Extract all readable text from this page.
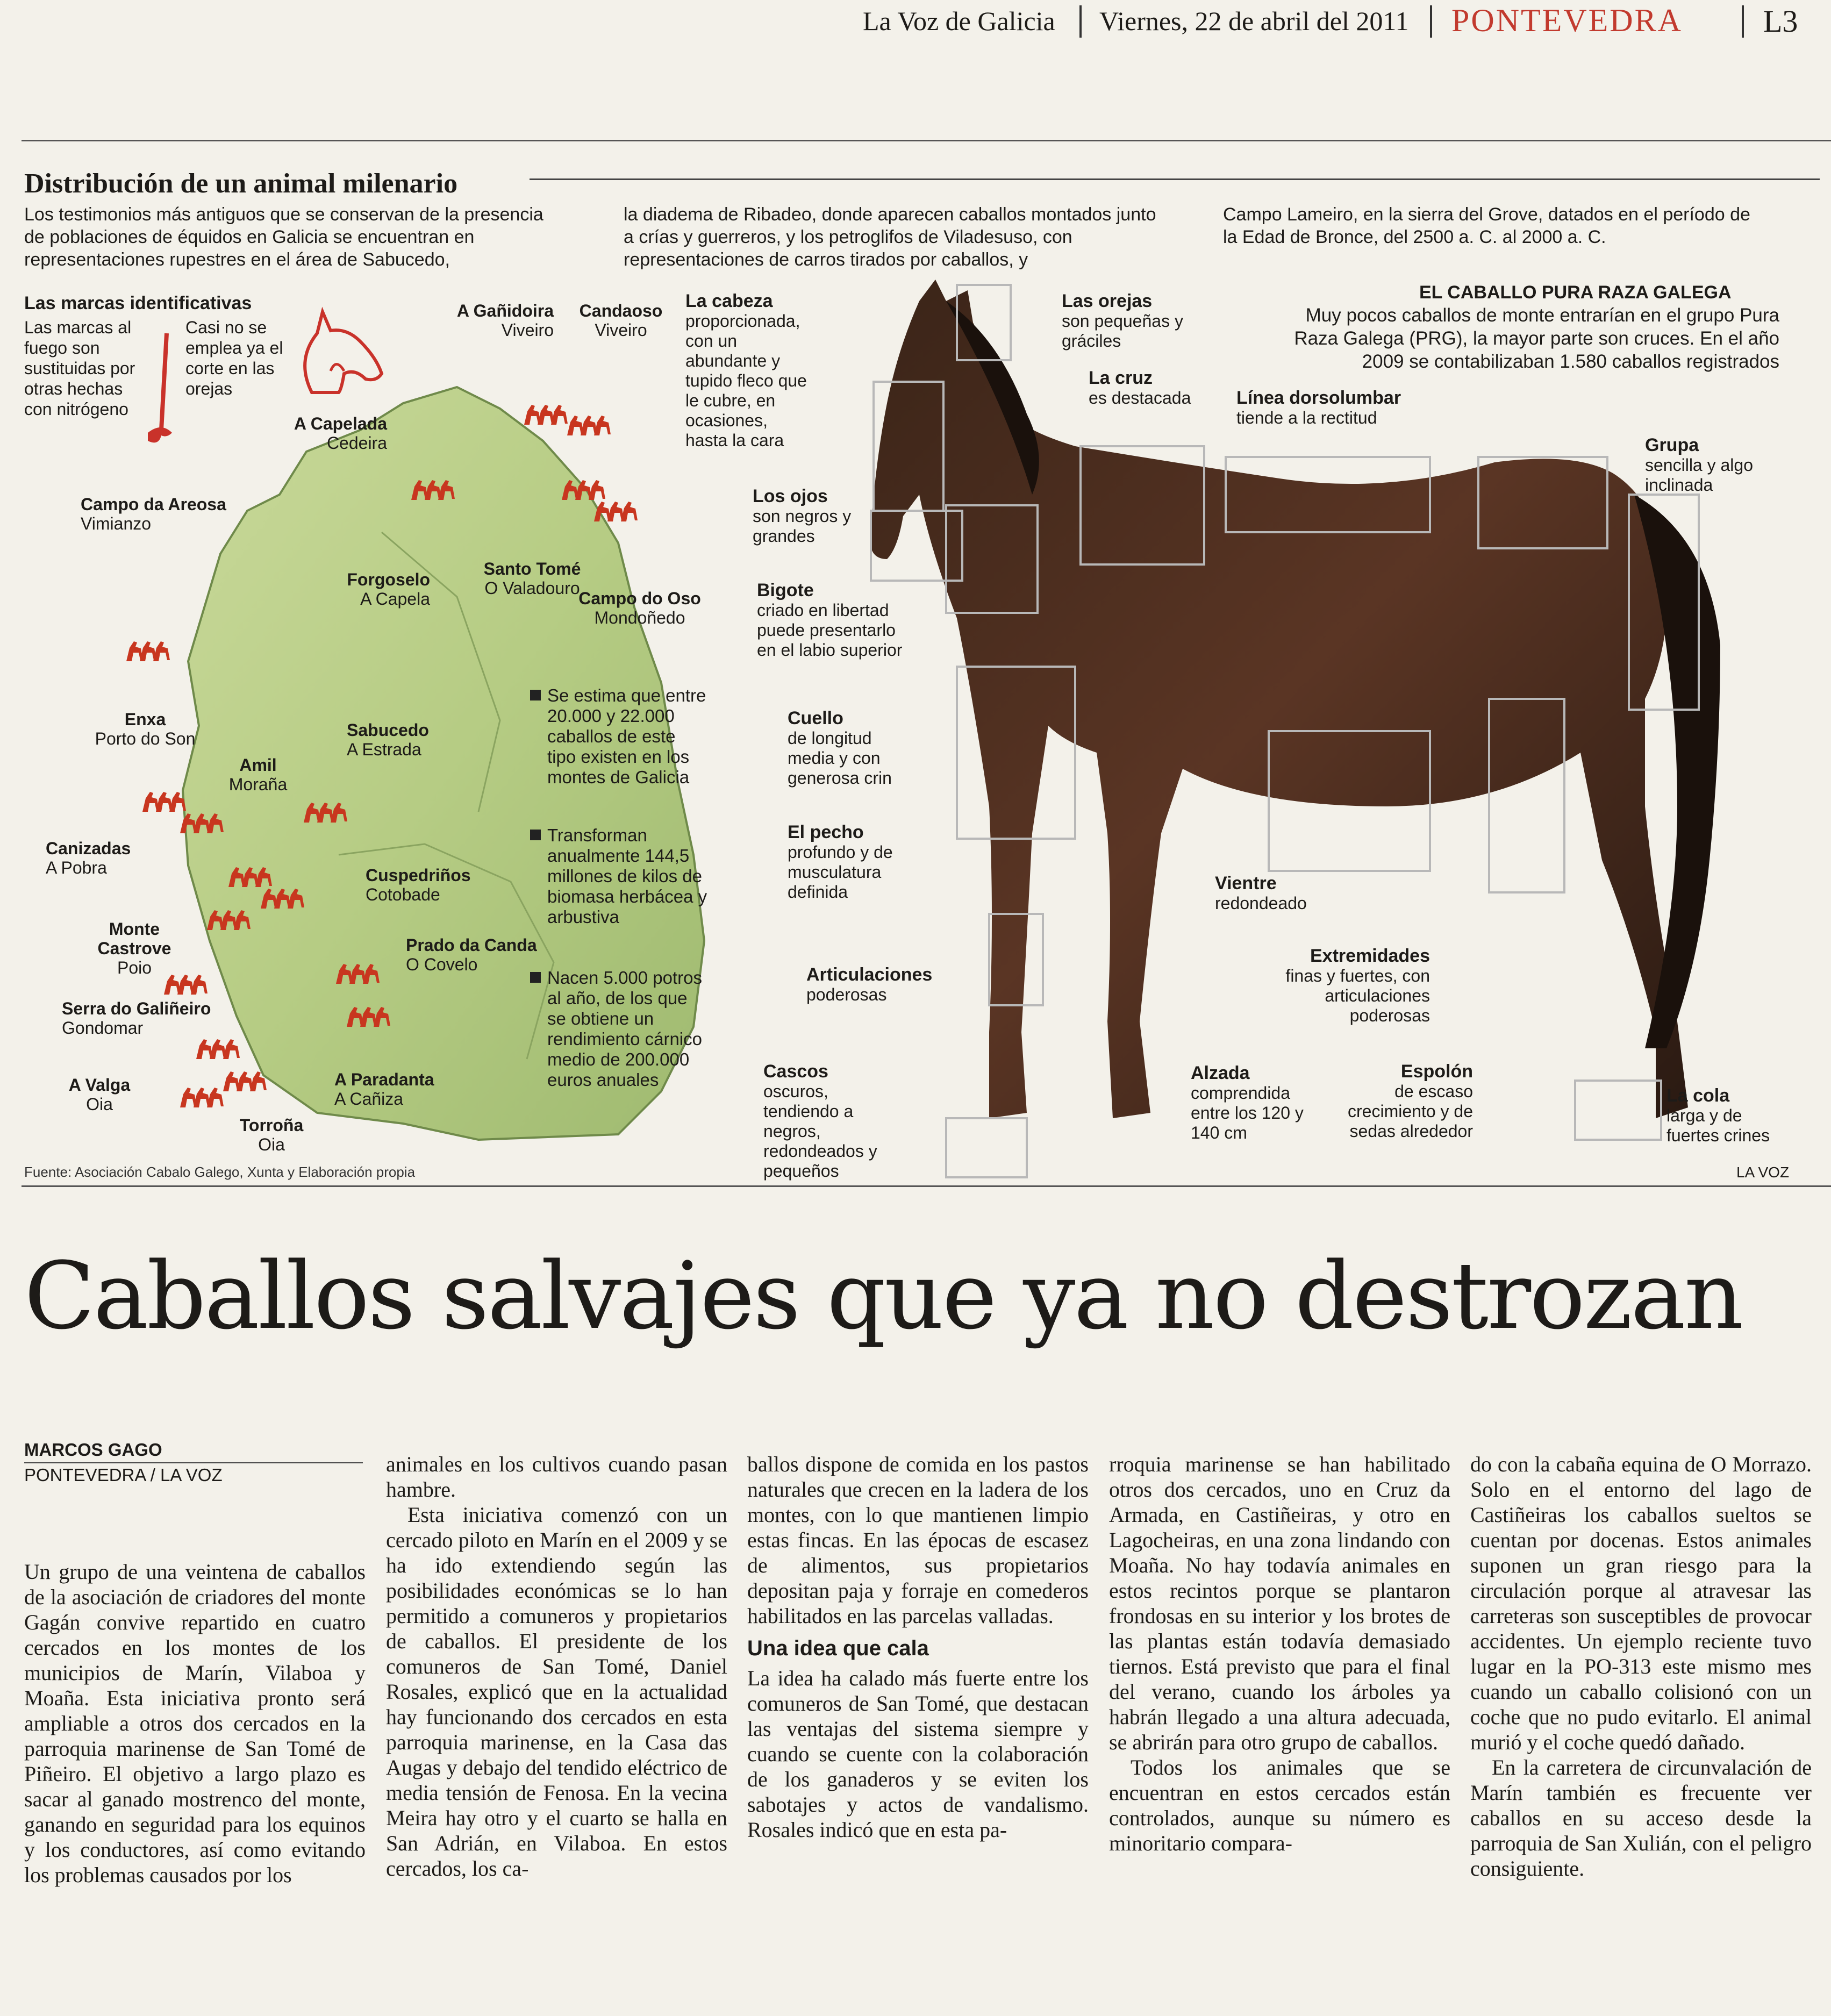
La Voz de Galicia Viernes, 22 de abril del 2011 PONTEVEDRA	L3
Distribución de un animal milenario
Los testimonios más antiguos que se conservan de la presencia de poblaciones de équidos en Galicia se encuentran en representaciones rupestres en el área de Sabucedo,
la diadema de Ribadeo, donde aparecen caballos montados junto a crías y guerreros, y los petroglifos de Viladesuso, con representaciones de carros tirados por caballos, y
Campo Lameiro, en la sierra del Grove, datados en el período de la Edad de Bronce, del 2500 a. C. al 2000 a. C.
Las marcas identificativas
Las marcas al fuego son sustituidas por otras hechas con nitrógeno
Casi no se emplea ya el corte en las orejas
A Gañidoira
Viveiro
Candaoso
Viveiro
A Capelada
Cedeira
Campo da Areosa
Vimianzo
Forgoselo
A Capela
Santo Tomé
O Valadouro
Campo do Oso
Mondoñedo
Enxa
Porto do Son	Sabucedo
A Estrada
Amil
Moraña
Canizadas
A Pobra	Cuspedriños
Cotobade
Monte Castrove
Poio
Prado da Canda
O Covelo
Serra do Galiñeiro
Gondomar
A Valga
Oia
A Paradanta
A Cañiza
Torroña
Oia
Se estima que entre 20.000 y 22.000 caballos de este tipo existen en los montes de Galicia
Transforman anualmente 144,5 millones de kilos de biomasa herbácea y arbustiva
Nacen 5.000 potros al año, de los que se obtiene un rendimiento cárnico medio de 200.000 euros anuales
EL CABALLO PURA RAZA GALEGA
Muy pocos caballos de monte entrarían en el grupo Pura Raza Galega (PRG), la mayor parte son cruces. En el año 2009 se contabilizaban 1.580 caballos registrados
La cabeza
proporcionada, con un abundante y tupido fleco que le cubre, en ocasiones, hasta la cara
Las orejas
son pequeñas y gráciles
La cruz
es destacada	Línea dorsolumbar
tiende a la rectitud
Grupa
sencilla y algo inclinada
Los ojos
son negros y grandes
Bigote
criado en libertad puede presentarlo en el labio superior
Cuello
de longitud media y con generosa crin
El pecho
profundo y de musculatura definida	Vientre
redondeado
Extremidades
finas y fuertes, con articulaciones poderosas
Articulaciones
poderosas
Cascos
oscuros, tendiendo a negros, redondeados y pequeños
Alzada
comprendida entre los 120 y 140 cm
Espolón
de escaso crecimiento y de sedas alrededor
La cola
larga y de fuertes crines
Fuente: Asociación Cabalo Galego, Xunta y Elaboración propia	LA VOZ
Caballos salvajes que ya no destrozan
MARCOS GAGO
PONTEVEDRA / LA VOZ

Un grupo de una veintena de caballos de la asociación de criadores del monte Gagán convive repartido en cuatro cercados en los montes de los municipios de Marín, Vilaboa y Moaña. Esta iniciativa pronto será ampliable a otros dos cercados en la parroquia marinense de San Tomé de Piñeiro. El objetivo a largo plazo es sacar al ganado mostrenco del monte, ganando en seguridad para los equinos y los conductores, así como evitando los problemas causados por los

animales en los cultivos cuando pasan hambre.

Esta iniciativa comenzó con un cercado piloto en Marín en el 2009 y se ha ido extendiendo según las posibilidades económicas se lo han permitido a comuneros y propietarios de caballos. El presidente de los comuneros de San Tomé, Daniel Rosales, explicó que en la actualidad hay funcionando dos cercados en esta parroquia marinense, en la Casa das Augas y debajo del tendido eléctrico de media tensión de Fenosa. En la vecina Meira hay otro y el cuarto se halla en San Adrián, en Vilaboa. En estos cercados, los ca-

ballos dispone de comida en los pastos naturales que crecen en la ladera de los montes, con lo que mantienen limpio estas fincas. En las épocas de escasez de alimentos, sus propietarios depositan paja y forraje en comederos habilitados en las parcelas valladas.

Una idea que cala

La idea ha calado más fuerte entre los comuneros de San Tomé, que destacan las ventajas del sistema siempre y cuando se cuente con la colaboración de los ganaderos y se eviten los sabotajes y actos de vandalismo. Rosales indicó que en esta pa-

rroquia marinense se han habilitado otros dos cercados, uno en Cruz da Armada, en Castiñeiras, y otro en Lagocheiras, en una zona lindando con Moaña. No hay todavía animales en estos recintos porque se plantaron frondosas en su interior y los brotes de las plantas están todavía demasiado tiernos. Está previsto que para el final del verano, cuando los árboles ya habrán llegado a una altura adecuada, se abrirán para otro grupo de caballos.

Todos los animales que se encuentran en estos cercados están controlados, aunque su número es minoritario compara-

do con la cabaña equina de O Morrazo. Solo en el entorno del lago de Castiñeiras los caballos sueltos se cuentan por docenas. Estos animales suponen un gran riesgo para la circulación porque al atravesar las carreteras son susceptibles de provocar accidentes. Un ejemplo reciente tuvo lugar en la PO-313 este mismo mes cuando un caballo colisionó con un coche que no pudo evitarlo. El animal murió y el coche quedó dañado.

En la carretera de circunvalación de Marín también es frecuente ver caballos en su acceso desde la parroquia de San Xulián, con el peligro consiguiente.
